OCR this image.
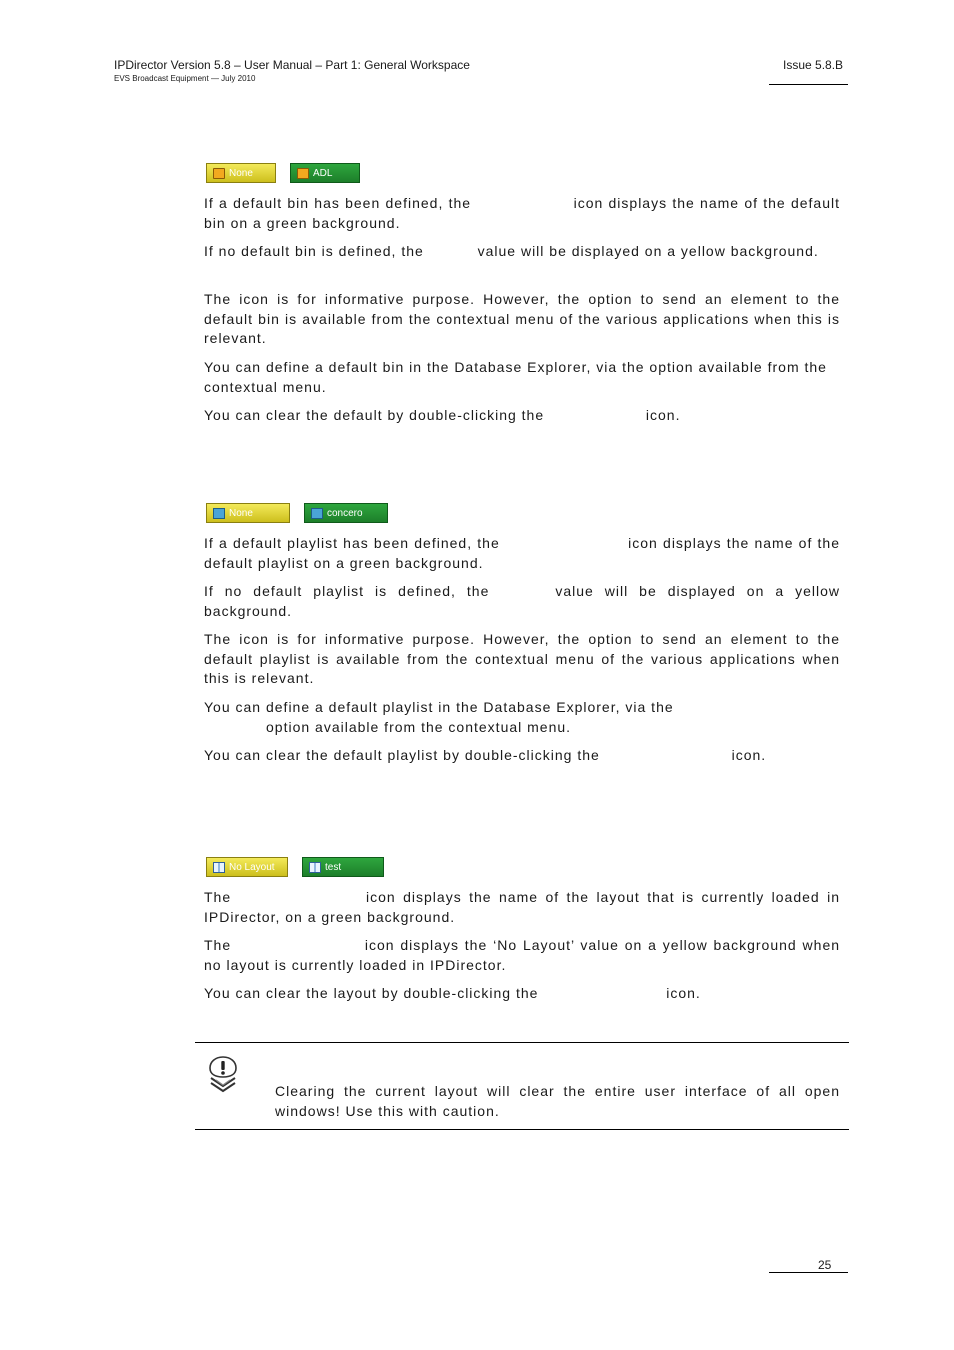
IPDirector Version 5.8 – User Manual – Part 1: General Workspace
EVS Broadcast Equipment — July 2010
Issue 5.8.B
None	ADL

If a default bin has been defined, the	icon displays the name of the default bin on a green background.

If no default bin is defined, the	value will be displayed on a yellow background.

The icon is for informative purpose. However, the option to send an element to the default bin is available from the contextual menu of the various applications when this is relevant.

You can define a default bin in the Database Explorer, via the option available from the contextual menu.

You can clear the default by double-clicking the	icon.

None	concero

If a default playlist has been defined, the	icon displays the name of the default playlist on a green background.

If no default playlist is defined, the	value will be displayed on a yellow background.

The icon is for informative purpose. However, the option to send an element to the default playlist is available from the contextual menu of the various applications when this is relevant.

You can define a default playlist in the Database Explorer, via the
option available from the contextual menu.

You can clear the default playlist by double-clicking the	icon.

No Layout	test

The	icon displays the name of the layout that is currently loaded in IPDirector, on a green background.

The	icon displays the ‘No Layout’ value on a yellow background when no layout is currently loaded in IPDirector.

You can clear the layout by double-clicking the	icon.

Clearing the current layout will clear the entire user interface of all open windows! Use this with caution.

25
